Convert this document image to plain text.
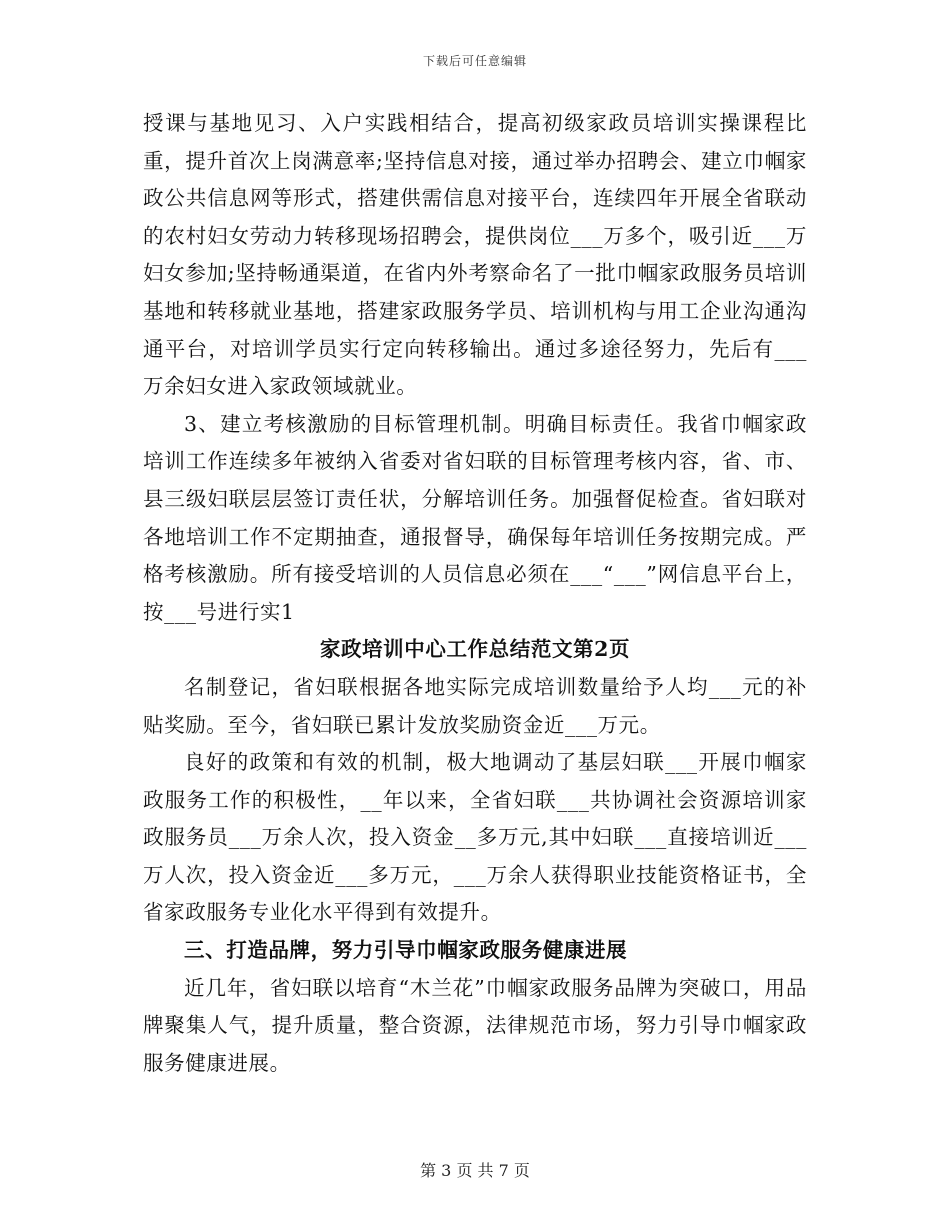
下载后可任意编辑

授课与基地见习、入户实践相结合，提高初级家政员培训实操课程比重，提升首次上岗满意率;坚持信息对接，通过举办招聘会、建立巾帼家政公共信息网等形式，搭建供需信息对接平台，连续四年开展全省联动的农村妇女劳动力转移现场招聘会，提供岗位___万多个，吸引近___万妇女参加;坚持畅通渠道，在省内外考察命名了一批巾帼家政服务员培训基地和转移就业基地，搭建家政服务学员、培训机构与用工企业沟通沟通平台，对培训学员实行定向转移输出。通过多途径努力，先后有___万余妇女进入家政领域就业。

3、建立考核激励的目标管理机制。明确目标责任。我省巾帼家政培训工作连续多年被纳入省委对省妇联的目标管理考核内容，省、市、县三级妇联层层签订责任状，分解培训任务。加强督促检查。省妇联对各地培训工作不定期抽查，通报督导，确保每年培训任务按期完成。严格考核激励。所有接受培训的人员信息必须在___“___”网信息平台上，按___号进行实1

家政培训中心工作总结范文第2页

名制登记，省妇联根据各地实际完成培训数量给予人均___元的补贴奖励。至今，省妇联已累计发放奖励资金近___万元。

良好的政策和有效的机制，极大地调动了基层妇联___开展巾帼家政服务工作的积极性，__年以来，全省妇联___共协调社会资源培训家政服务员___万余人次，投入资金__多万元,其中妇联___直接培训近___万人次，投入资金近___多万元，___万余人获得职业技能资格证书，全省家政服务专业化水平得到有效提升。

三、打造品牌，努力引导巾帼家政服务健康进展

近几年，省妇联以培育“木兰花”巾帼家政服务品牌为突破口，用品牌聚集人气，提升质量，整合资源，法律规范市场，努力引导巾帼家政服务健康进展。

第 3 页 共 7 页
